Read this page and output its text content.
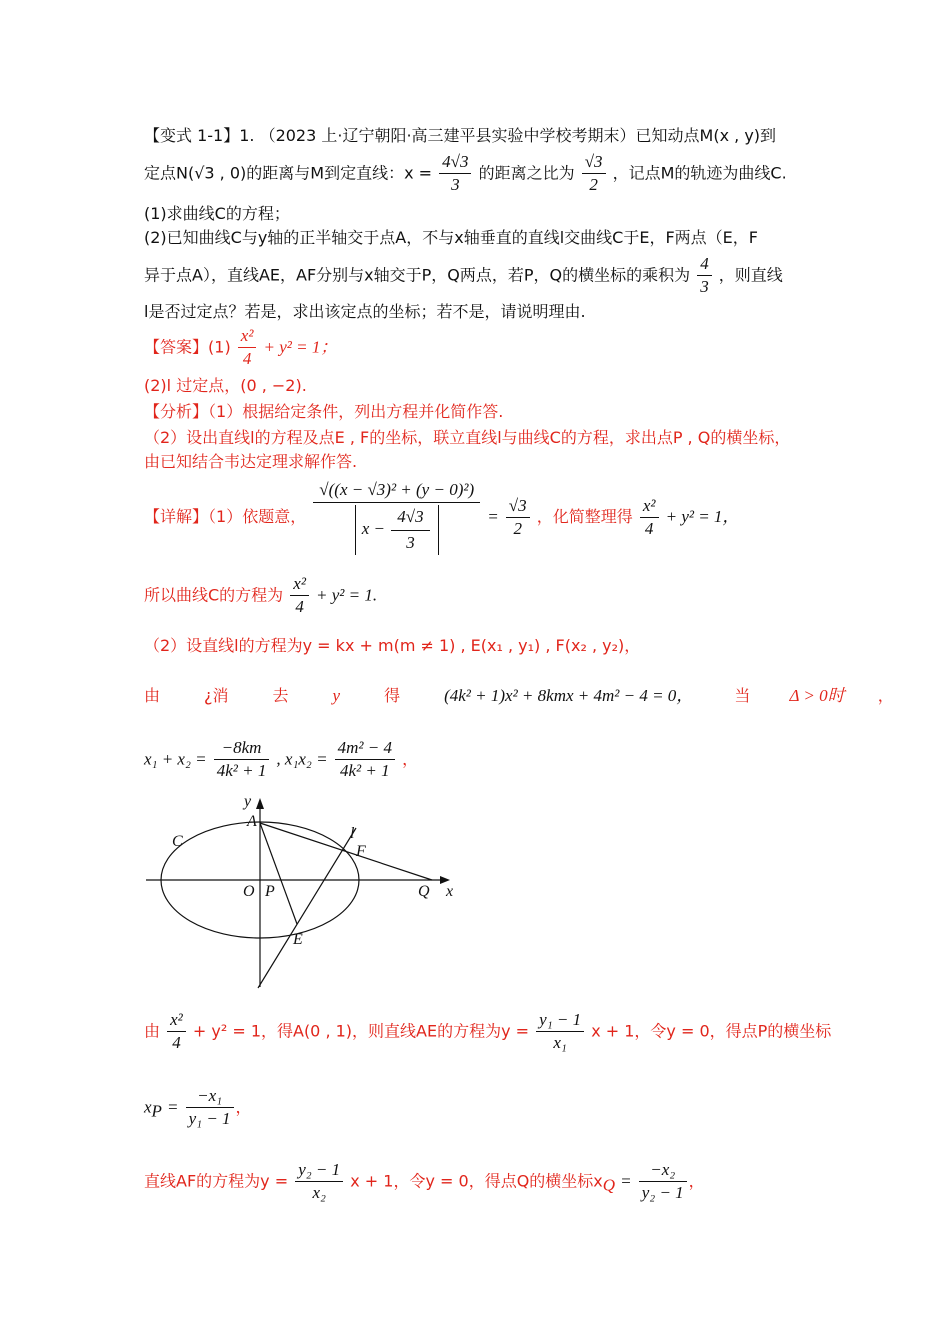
【变式 1-1】1. （2023 上·辽宁朝阳·高三建平县实验中学校考期末）已知动点M(x , y)到
定点N(√3 , 0)的距离与M到定直线：$x = \frac{4√3}{3}$ 的距离之比为 $\frac{√3}{2}$ ，记点M的轨迹为曲线C.
(1)求曲线C的方程；
(2)已知曲线C与y轴的正半轴交于点A，不与x轴垂直的直线l交曲线C于E，F两点（E，F
异于点A），直线AE，AF分别与x轴交于P，Q两点，若P，Q的横坐标的乘积为 $\frac{4}{3}$ ，则直线
l是否过定点？若是，求出该定点的坐标；若不是，请说明理由.
【答案】$(1) \frac{\text{x²}}{4} + y^2 = 1$；
(2)l 过定点，(0 , −2).
【分析】（1）根据给定条件，列出方程并化简作答.
（2）设出直线l的方程及点E , F的坐标，联立直线l与曲线C的方程，求出点P , Q的横坐标，
由已知结合韦达定理求解作答.
【详解】（1）依题意， $\frac{\text{√((x − √3)² + (y − 0)²)}}{x - \frac{4√3}{3}} = \frac{√3}{2}$ ，化简整理得 $\frac{\text{x²}}{4} + y^2 = 1$，
所以曲线C的方程为 $\frac{\text{x²}}{4} + y^2 = 1$.
（2）设直线l的方程为y = kx + m(m ≠ 1) , E(x₁ , y₁) , F(x₂ , y₂)，
由	¿消	去	y	得	(4k² + 1)x² + 8kmx + 4m² − 4 = 0，	当 Δ > 0时 ，
$x_1 + x_2 = \frac{-8km}{\text{4k² + 1}}$ , $x_1x_2 = \frac{\text{4m² − 4}}{\text{4k² + 1}}$ ，
y
A
C	l
F
O P	Q x
E
由 $\frac{\text{x²}}{4} + y^2 = 1$，得A(0 , 1)，则直线AE的方程为$y = \frac{\text{y₁ − 1}}{\text{x₁}}$ x + 1，令y = 0，得点P的横坐标
$x_P = \frac{\text{−x₁}}{\text{y₁ − 1}}$ ，
直线AF的方程为$y = \frac{\text{y₂ − 1}}{\text{x₂}}$ x + 1，令y = 0，得点Q的横坐标$x_Q = \frac{\text{−x₂}}{\text{y₂ − 1}}$ ，
